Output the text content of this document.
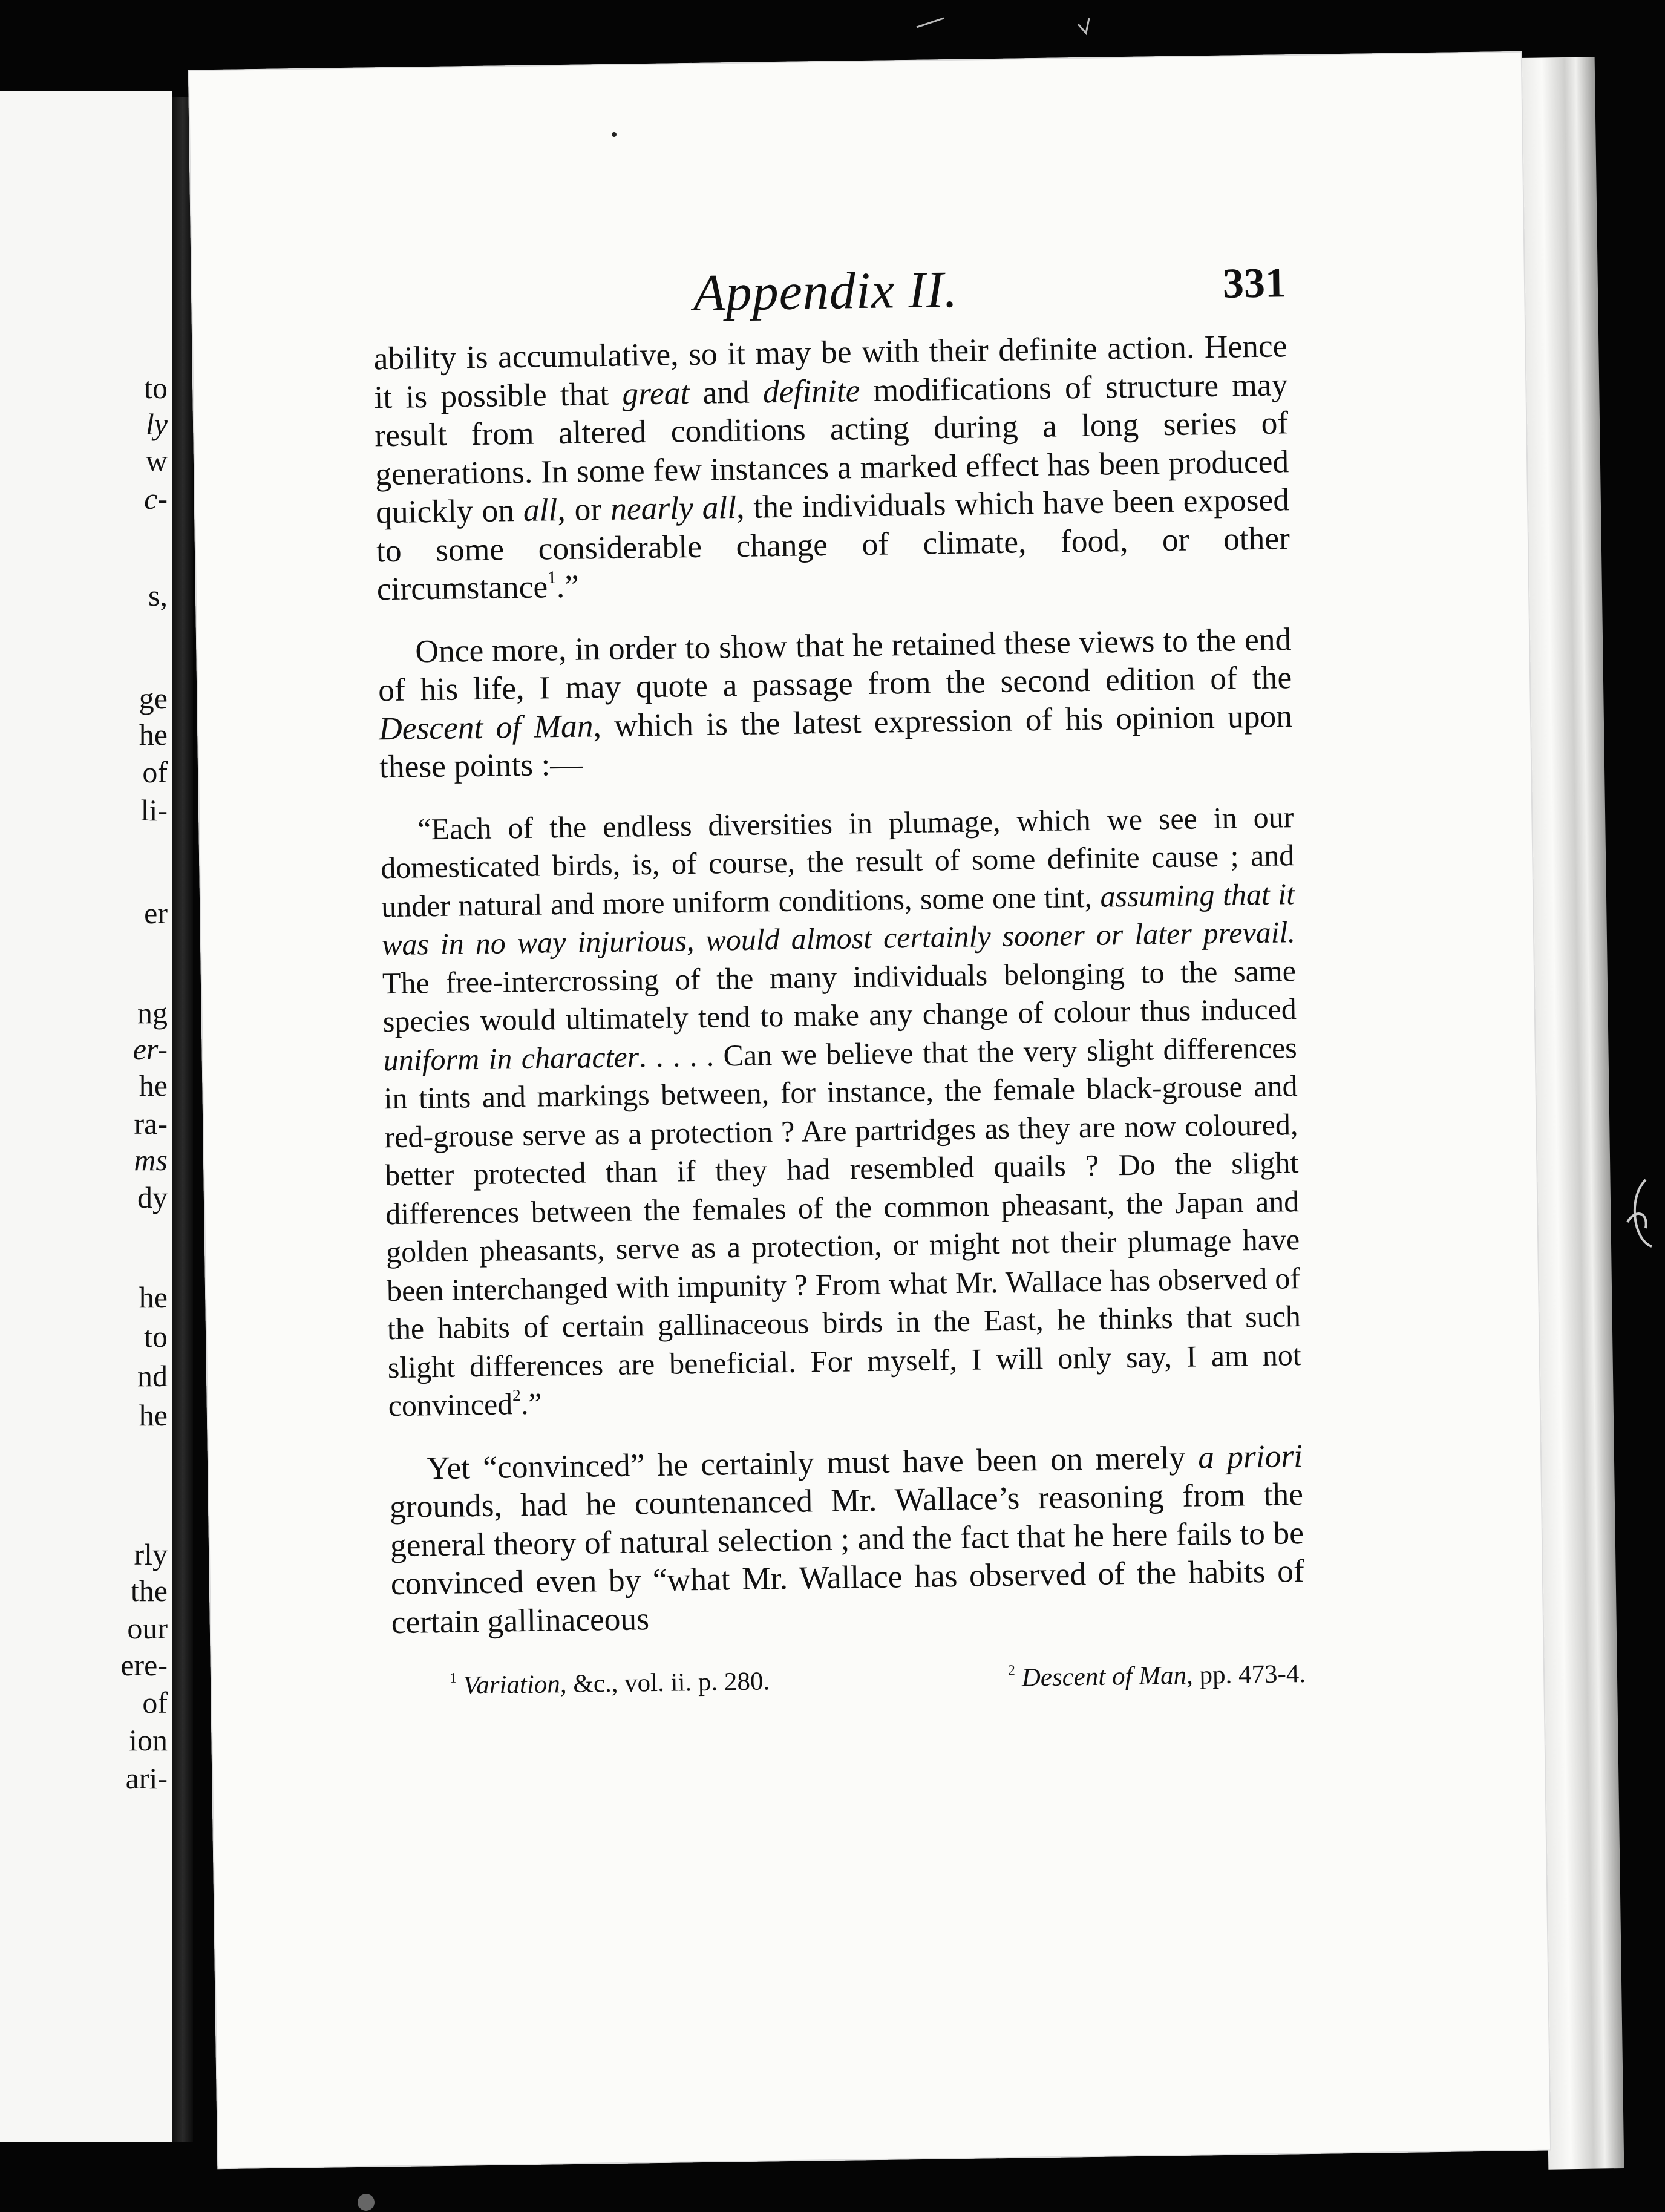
to
ly
w
c-
s,
ge
he
of
li-
er
ng
er-
he
ra-
ms
dy
he
to
nd
he
rly
the
our
ere-
of
ion
ari-
Appendix II.	331

ability is accumulative, so it may be with their definite action. Hence it is possible that great and definite modifications of structure may result from altered conditions acting during a long series of generations. In some few instances a marked effect has been produced quickly on all, or nearly all, the individuals which have been exposed to some considerable change of climate, food, or other circumstance$^1$.”

Once more, in order to show that he retained these views to the end of his life, I may quote a passage from the second edition of the Descent of Man, which is the latest expression of his opinion upon these points :—

“Each of the endless diversities in plumage, which we see in our domesticated birds, is, of course, the result of some definite cause ; and under natural and more uniform conditions, some one tint, assuming that it was in no way injurious, would almost certainly sooner or later prevail. The free-intercrossing of the many individuals belonging to the same species would ultimately tend to make any change of colour thus induced uniform in character. . . . . Can we believe that the very slight differences in tints and markings between, for instance, the female black-grouse and red-grouse serve as a protection ? Are partridges as they are now coloured, better protected than if they had resembled quails ? Do the slight differences between the females of the common pheasant, the Japan and golden pheasants, serve as a protection, or might not their plumage have been interchanged with impunity ? From what Mr. Wallace has observed of the habits of certain gallinaceous birds in the East, he thinks that such slight differences are beneficial. For myself, I will only say, I am not convinced$^2$.”

Yet “convinced” he certainly must have been on merely a priori grounds, had he countenanced Mr. Wallace’s reasoning from the general theory of natural selection ; and the fact that he here fails to be convinced even by “what Mr. Wallace has observed of the habits of certain gallinaceous

$^1$ Variation, &c., vol. ii. p. 280.	$^2$ Descent of Man, pp. 473-4.
